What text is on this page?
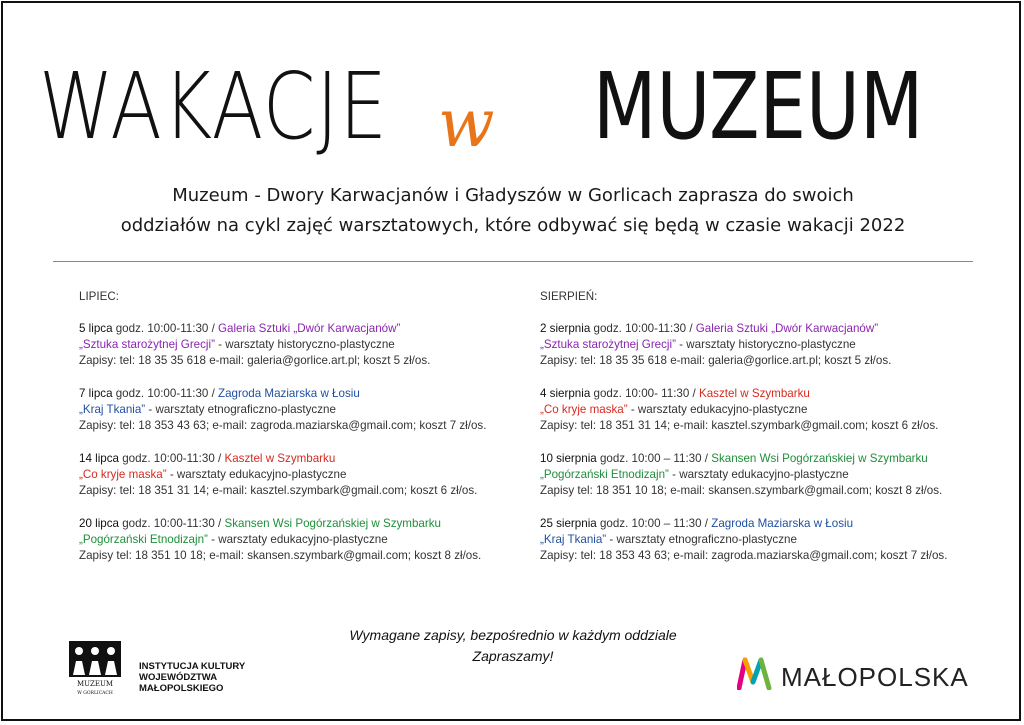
WAKACJE w MUZEUM
Muzeum - Dwory Karwacjanów i Gładyszów w Gorlicach zaprasza do swoich
oddziałów na cykl zajęć warsztatowych, które odbywać się będą w czasie wakacji 2022
LIPIEC:
5 lipca godz. 10:00-11:30 / Galeria Sztuki „Dwór Karwacjanów”
„Sztuka starożytnej Grecji” - warsztaty historyczno-plastyczne
Zapisy: tel: 18 35 35 618 e-mail: galeria@gorlice.art.pl; koszt 5 zł/os.
7 lipca godz. 10:00-11:30 / Zagroda Maziarska w Łosiu
„Kraj Tkania” - warsztaty etnograficzno-plastyczne
Zapisy: tel: 18 353 43 63; e-mail: zagroda.maziarska@gmail.com; koszt 7 zł/os.
14 lipca godz. 10:00-11:30 / Kasztel w Szymbarku
„Co kryje maska” - warsztaty edukacyjno-plastyczne
Zapisy: tel: 18 351 31 14; e-mail: kasztel.szymbark@gmail.com; koszt 6 zł/os.
20 lipca godz. 10:00-11:30 / Skansen Wsi Pogórzańskiej w Szymbarku
„Pogórzański Etnodizajn” - warsztaty edukacyjno-plastyczne
Zapisy tel: 18 351 10 18; e-mail: skansen.szymbark@gmail.com; koszt 8 zł/os.
SIERPIEŃ:
2 sierpnia godz. 10:00-11:30 / Galeria Sztuki „Dwór Karwacjanów”
„Sztuka starożytnej Grecji” - warsztaty historyczno-plastyczne
Zapisy: tel: 18 35 35 618 e-mail: galeria@gorlice.art.pl; koszt 5 zł/os.
4 sierpnia godz. 10:00- 11:30 / Kasztel w Szymbarku
„Co kryje maska” - warsztaty edukacyjno-plastyczne
Zapisy: tel: 18 351 31 14; e-mail: kasztel.szymbark@gmail.com; koszt 6 zł/os.
10 sierpnia godz. 10:00 – 11:30 / Skansen Wsi Pogórzańskiej w Szymbarku
„Pogórzański Etnodizajn” - warsztaty edukacyjno-plastyczne
Zapisy tel: 18 351 10 18; e-mail: skansen.szymbark@gmail.com; koszt 8 zł/os.
25 sierpnia godz. 10:00 – 11:30 / Zagroda Maziarska w Łosiu
„Kraj Tkania” - warsztaty etnograficzno-plastyczne
Zapisy: tel: 18 353 43 63; e-mail: zagroda.maziarska@gmail.com; koszt 7 zł/os.
Wymagane zapisy, bezpośrednio w każdym oddziale
Zapraszamy!
MUZEUM
W GORLICACH
INSTYTUCJA KULTURY
WOJEWÓDZTWA
MAŁOPOLSKIEGO	MAŁOPOLSKA
